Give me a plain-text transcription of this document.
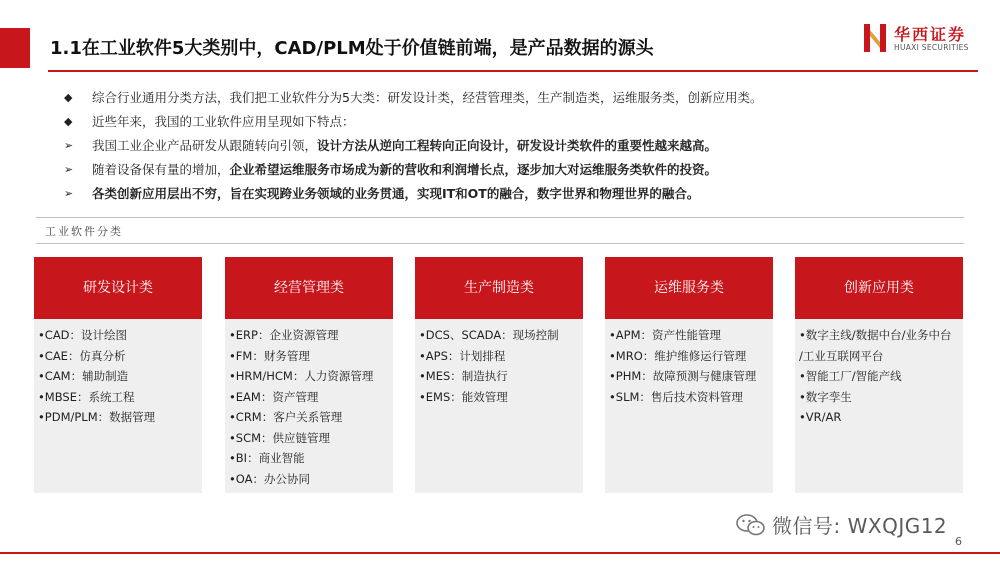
1.1在工业软件5大类别中，CAD/PLM处于价值链前端，是产品数据的源头
华西证券
HUAXI SECURITIES
◆	综合行业通用分类方法，我们把工业软件分为5大类：研发设计类，经营管理类，生产制造类，运维服务类，创新应用类。
◆	近些年来，我国的工业软件应用呈现如下特点：
➢	我国工业企业产品研发从跟随转向引领， 设计方法从逆向工程转向正向设计，研发设计类软件的重要性越来越高。
➢	随着设备保有量的增加， 企业希望运维服务市场成为新的营收和利润增长点，逐步加大对运维服务类软件的投资。
➢	各类创新应用层出不穷，旨在实现跨业务领域的业务贯通，实现IT和OT的融合，数字世界和物理世界的融合。
工业软件分类
研发设计类
•CAD：设计绘图
•CAE：仿真分析
•CAM：辅助制造
•MBSE：系统工程
•PDM/PLM：数据管理
经营管理类
•ERP：企业资源管理
•FM：财务管理
•HRM/HCM：人力资源管理
•EAM：资产管理
•CRM：客户关系管理
•SCM：供应链管理
•BI：商业智能
•OA：办公协同
生产制造类
•DCS、SCADA：现场控制
•APS：计划排程
•MES：制造执行
•EMS：能效管理
运维服务类
•APM：资产性能管理
•MRO：维护维修运行管理
•PHM：故障预测与健康管理
•SLM：售后技术资料管理
创新应用类
•数字主线/数据中台/业务中台
/工业互联网平台
•智能工厂/智能产线
•数字孪生
•VR/AR
微信号: WXQJG12
6
